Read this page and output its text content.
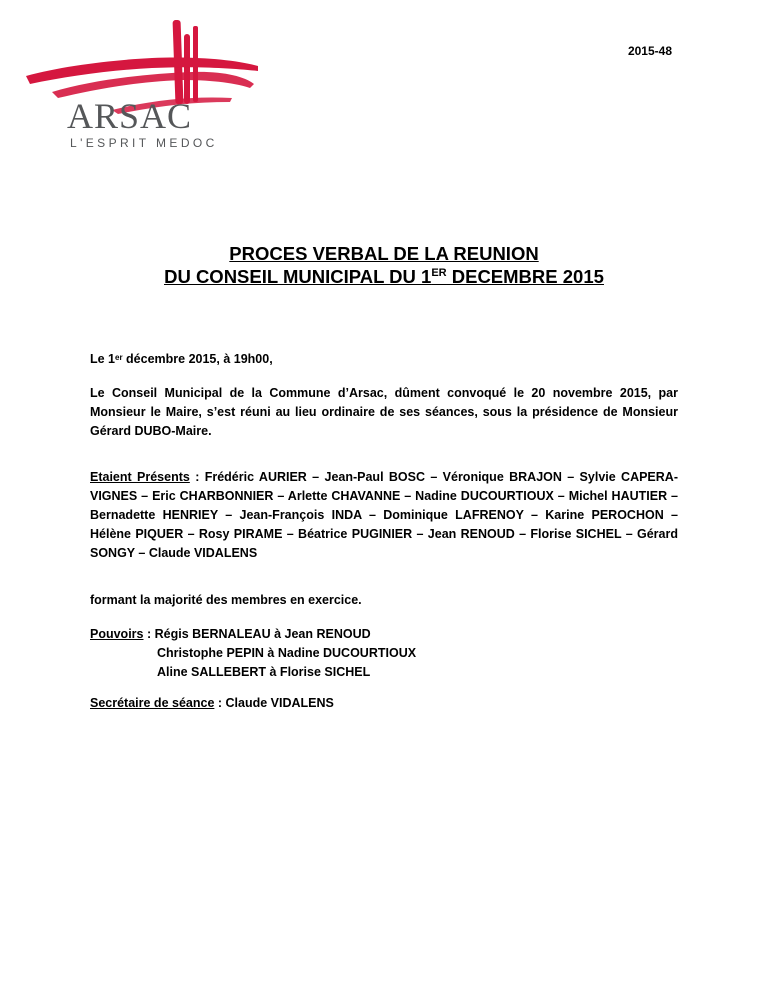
2015-48
ARSAC
L'ESPRIT MEDOC
PROCES VERBAL DE LA REUNION
DU CONSEIL MUNICIPAL DU 1ER DECEMBRE 2015
Le 1er décembre 2015, à 19h00,
Le Conseil Municipal de la Commune d’Arsac, dûment convoqué le 20 novembre 2015, par Monsieur le Maire, s’est réuni au lieu ordinaire de ses séances, sous la présidence de Monsieur Gérard DUBO-Maire.
Etaient Présents : Frédéric AURIER – Jean-Paul BOSC – Véronique BRAJON – Sylvie CAPERA-VIGNES – Eric CHARBONNIER – Arlette CHAVANNE – Nadine DUCOURTIOUX – Michel HAUTIER – Bernadette HENRIEY – Jean-François INDA – Dominique LAFRENOY – Karine PEROCHON – Hélène PIQUER – Rosy PIRAME – Béatrice PUGINIER – Jean RENOUD – Florise SICHEL – Gérard SONGY – Claude VIDALENS
formant la majorité des membres en exercice.
Pouvoirs : Régis BERNALEAU à Jean RENOUD
Christophe PEPIN à Nadine DUCOURTIOUX
Aline SALLEBERT à Florise SICHEL
Secrétaire de séance : Claude VIDALENS
